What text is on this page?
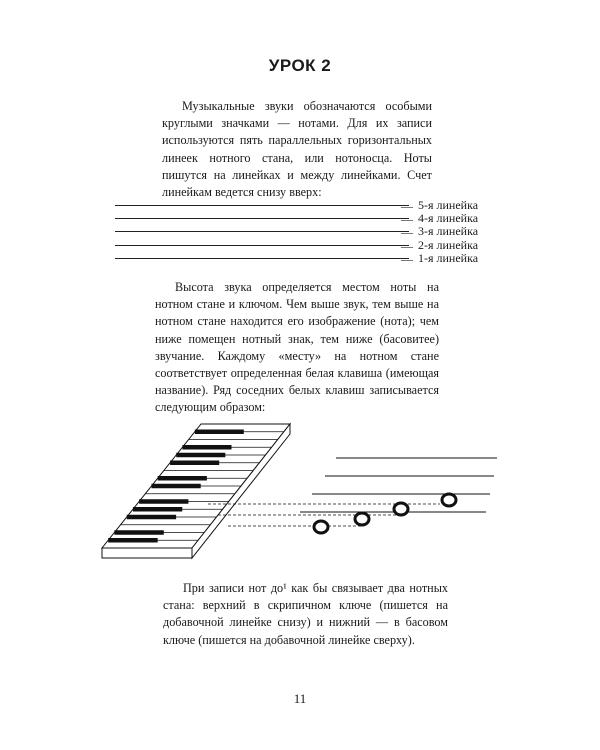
УРОК 2

Музыкальные звуки обозначаются особыми круглыми значками — нотами. Для их записи используются пять параллельных горизонтальных линеек нотного стана, или нотоносца. Ноты пишутся на линейках и между линейками. Счет линейкам ведется снизу вверх:

— 5-я линейка
— 4-я линейка
— 3-я линейка
— 2-я линейка
— 1-я линейка

Высота звука определяется местом ноты на нотном стане и ключом. Чем выше звук, тем выше на нотном стане находится его изображение (нота); чем ниже помещен нотный знак, тем ниже (басовитее) звучание. Каждому «месту» на нотном стане соответствует определенная белая клавиша (имеющая название). Ряд соседних белых клавиш записывается следующим образом:

При записи нот до¹ как бы связывает два нотных стана: верхний в скрипичном ключе (пишется на добавочной линейке снизу) и нижний — в басовом ключе (пишется на добавочной линейке сверху).

11
